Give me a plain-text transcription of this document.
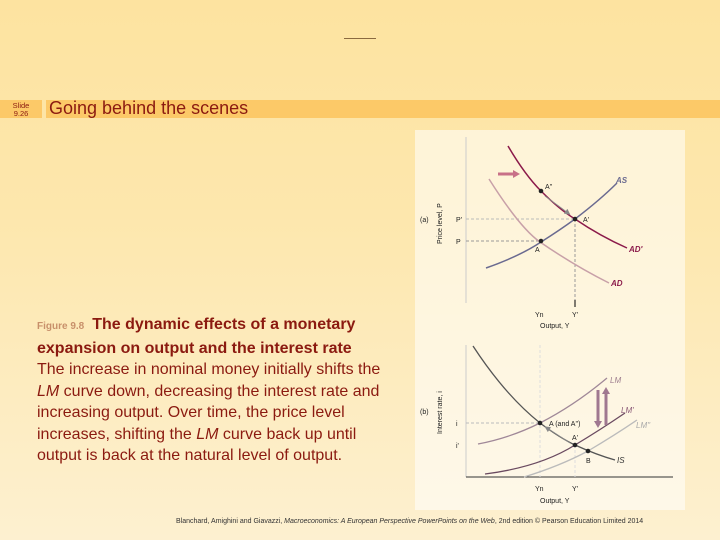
Slide
9.26	Going behind the scenes
Figure 9.8 The dynamic effects of a monetary expansion on output and the interest rate
The increase in nominal money initially shifts the LM curve down, decreasing the interest rate and increasing output. Over time, the price level increases, shifting the LM curve back up until output is back at the natural level of output.
A
A'
A''
(a)
P
P'
Yn	Y'
Output, Y
Price level, P
AS
AD'
AD
A (and A'')
A'
B
(b)
i
i'
Yn	Y'
Output, Y
Interest rate, i
LM
LM'
LM''
IS
Blanchard, Amighini and Giavazzi, Macroeconomics: A European Perspective PowerPoints on the Web, 2nd edition © Pearson Education Limited 2014
